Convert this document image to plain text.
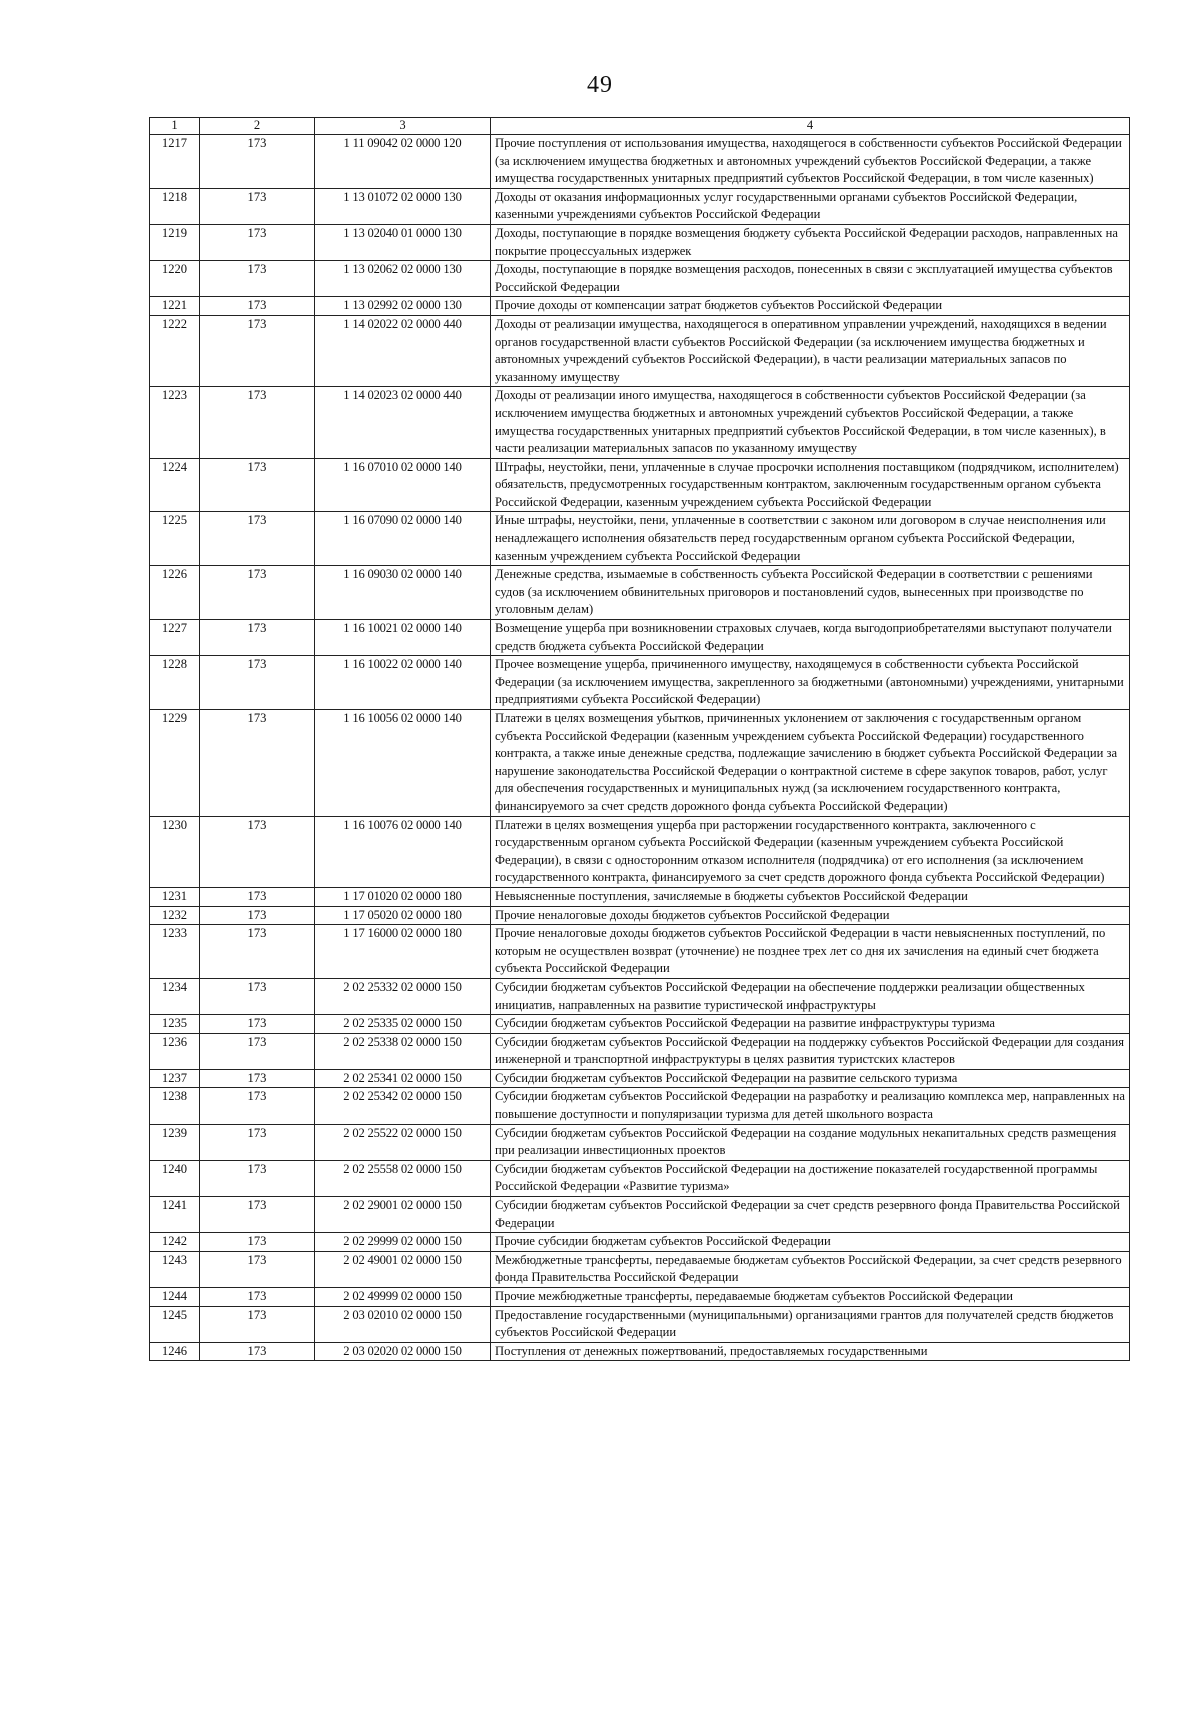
49
1	2	3	4
1217	173	1 11 09042 02 0000 120	Прочие поступления от использования имущества, находящегося в собственности субъектов Российской Федерации (за исключением имущества бюджетных и автономных учреждений субъектов Российской Федерации, а также имущества государственных унитарных предприятий субъектов Российской Федерации, в том числе казенных)
1218	173	1 13 01072 02 0000 130	Доходы от оказания информационных услуг государственными органами субъектов Российской Федерации, казенными учреждениями субъектов Российской Федерации
1219	173	1 13 02040 01 0000 130	Доходы, поступающие в порядке возмещения бюджету субъекта Российской Федерации расходов, направленных на покрытие процессуальных издержек
1220	173	1 13 02062 02 0000 130	Доходы, поступающие в порядке возмещения расходов, понесенных в связи с эксплуатацией имущества субъектов Российской Федерации
1221	173	1 13 02992 02 0000 130	Прочие доходы от компенсации затрат бюджетов субъектов Российской Федерации
1222	173	1 14 02022 02 0000 440	Доходы от реализации имущества, находящегося в оперативном управлении учреждений, находящихся в ведении органов государственной власти субъектов Российской Федерации (за исключением имущества бюджетных и автономных учреждений субъектов Российской Федерации), в части реализации материальных запасов по указанному имуществу
1223	173	1 14 02023 02 0000 440	Доходы от реализации иного имущества, находящегося в собственности субъектов Российской Федерации (за исключением имущества бюджетных и автономных учреждений субъектов Российской Федерации, а также имущества государственных унитарных предприятий субъектов Российской Федерации, в том числе казенных), в части реализации материальных запасов по указанному имуществу
1224	173	1 16 07010 02 0000 140	Штрафы, неустойки, пени, уплаченные в случае просрочки исполнения поставщиком (подрядчиком, исполнителем) обязательств, предусмотренных государственным контрактом, заключенным государственным органом субъекта Российской Федерации, казенным учреждением субъекта Российской Федерации
1225	173	1 16 07090 02 0000 140	Иные штрафы, неустойки, пени, уплаченные в соответствии с законом или договором в случае неисполнения или ненадлежащего исполнения обязательств перед государственным органом субъекта Российской Федерации, казенным учреждением субъекта Российской Федерации
1226	173	1 16 09030 02 0000 140	Денежные средства, изымаемые в собственность субъекта Российской Федерации в соответствии с решениями судов (за исключением обвинительных приговоров и постановлений судов, вынесенных при производстве по уголовным делам)
1227	173	1 16 10021 02 0000 140	Возмещение ущерба при возникновении страховых случаев, когда выгодоприобретателями выступают получатели средств бюджета субъекта Российской Федерации
1228	173	1 16 10022 02 0000 140	Прочее возмещение ущерба, причиненного имуществу, находящемуся в собственности субъекта Российской Федерации (за исключением имущества, закрепленного за бюджетными (автономными) учреждениями, унитарными предприятиями субъекта Российской Федерации)
1229	173	1 16 10056 02 0000 140	Платежи в целях возмещения убытков, причиненных уклонением от заключения с государственным органом субъекта Российской Федерации (казенным учреждением субъекта Российской Федерации) государственного контракта, а также иные денежные средства, подлежащие зачислению в бюджет субъекта Российской Федерации за нарушение законодательства Российской Федерации о контрактной системе в сфере закупок товаров, работ, услуг для обеспечения государственных и муниципальных нужд (за исключением государственного контракта, финансируемого за счет средств дорожного фонда субъекта Российской Федерации)
1230	173	1 16 10076 02 0000 140	Платежи в целях возмещения ущерба при расторжении государственного контракта, заключенного с государственным органом субъекта Российской Федерации (казенным учреждением субъекта Российской Федерации), в связи с односторонним отказом исполнителя (подрядчика) от его исполнения (за исключением государственного контракта, финансируемого за счет средств дорожного фонда субъекта Российской Федерации)
1231	173	1 17 01020 02 0000 180	Невыясненные поступления, зачисляемые в бюджеты субъектов Российской Федерации
1232	173	1 17 05020 02 0000 180	Прочие неналоговые доходы бюджетов субъектов Российской Федерации
1233	173	1 17 16000 02 0000 180	Прочие неналоговые доходы бюджетов субъектов Российской Федерации в части невыясненных поступлений, по которым не осуществлен возврат (уточнение) не позднее трех лет со дня их зачисления на единый счет бюджета субъекта Российской Федерации
1234	173	2 02 25332 02 0000 150	Субсидии бюджетам субъектов Российской Федерации на обеспечение поддержки реализации общественных инициатив, направленных на развитие туристической инфраструктуры
1235	173	2 02 25335 02 0000 150	Субсидии бюджетам субъектов Российской Федерации на развитие инфраструктуры туризма
1236	173	2 02 25338 02 0000 150	Субсидии бюджетам субъектов Российской Федерации на поддержку субъектов Российской Федерации для создания инженерной и транспортной инфраструктуры в целях развития туристских кластеров
1237	173	2 02 25341 02 0000 150	Субсидии бюджетам субъектов Российской Федерации на развитие сельского туризма
1238	173	2 02 25342 02 0000 150	Субсидии бюджетам субъектов Российской Федерации на разработку и реализацию комплекса мер, направленных на повышение доступности и популяризации туризма для детей школьного возраста
1239	173	2 02 25522 02 0000 150	Субсидии бюджетам субъектов Российской Федерации на создание модульных некапитальных средств размещения при реализации инвестиционных проектов
1240	173	2 02 25558 02 0000 150	Субсидии бюджетам субъектов Российской Федерации на достижение показателей государственной программы Российской Федерации «Развитие туризма»
1241	173	2 02 29001 02 0000 150	Субсидии бюджетам субъектов Российской Федерации за счет средств резервного фонда Правительства Российской Федерации
1242	173	2 02 29999 02 0000 150	Прочие субсидии бюджетам субъектов Российской Федерации
1243	173	2 02 49001 02 0000 150	Межбюджетные трансферты, передаваемые бюджетам субъектов Российской Федерации, за счет средств резервного фонда Правительства Российской Федерации
1244	173	2 02 49999 02 0000 150	Прочие межбюджетные трансферты, передаваемые бюджетам субъектов Российской Федерации
1245	173	2 03 02010 02 0000 150	Предоставление государственными (муниципальными) организациями грантов для получателей средств бюджетов субъектов Российской Федерации
1246	173	2 03 02020 02 0000 150	Поступления от денежных пожертвований, предоставляемых государственными
